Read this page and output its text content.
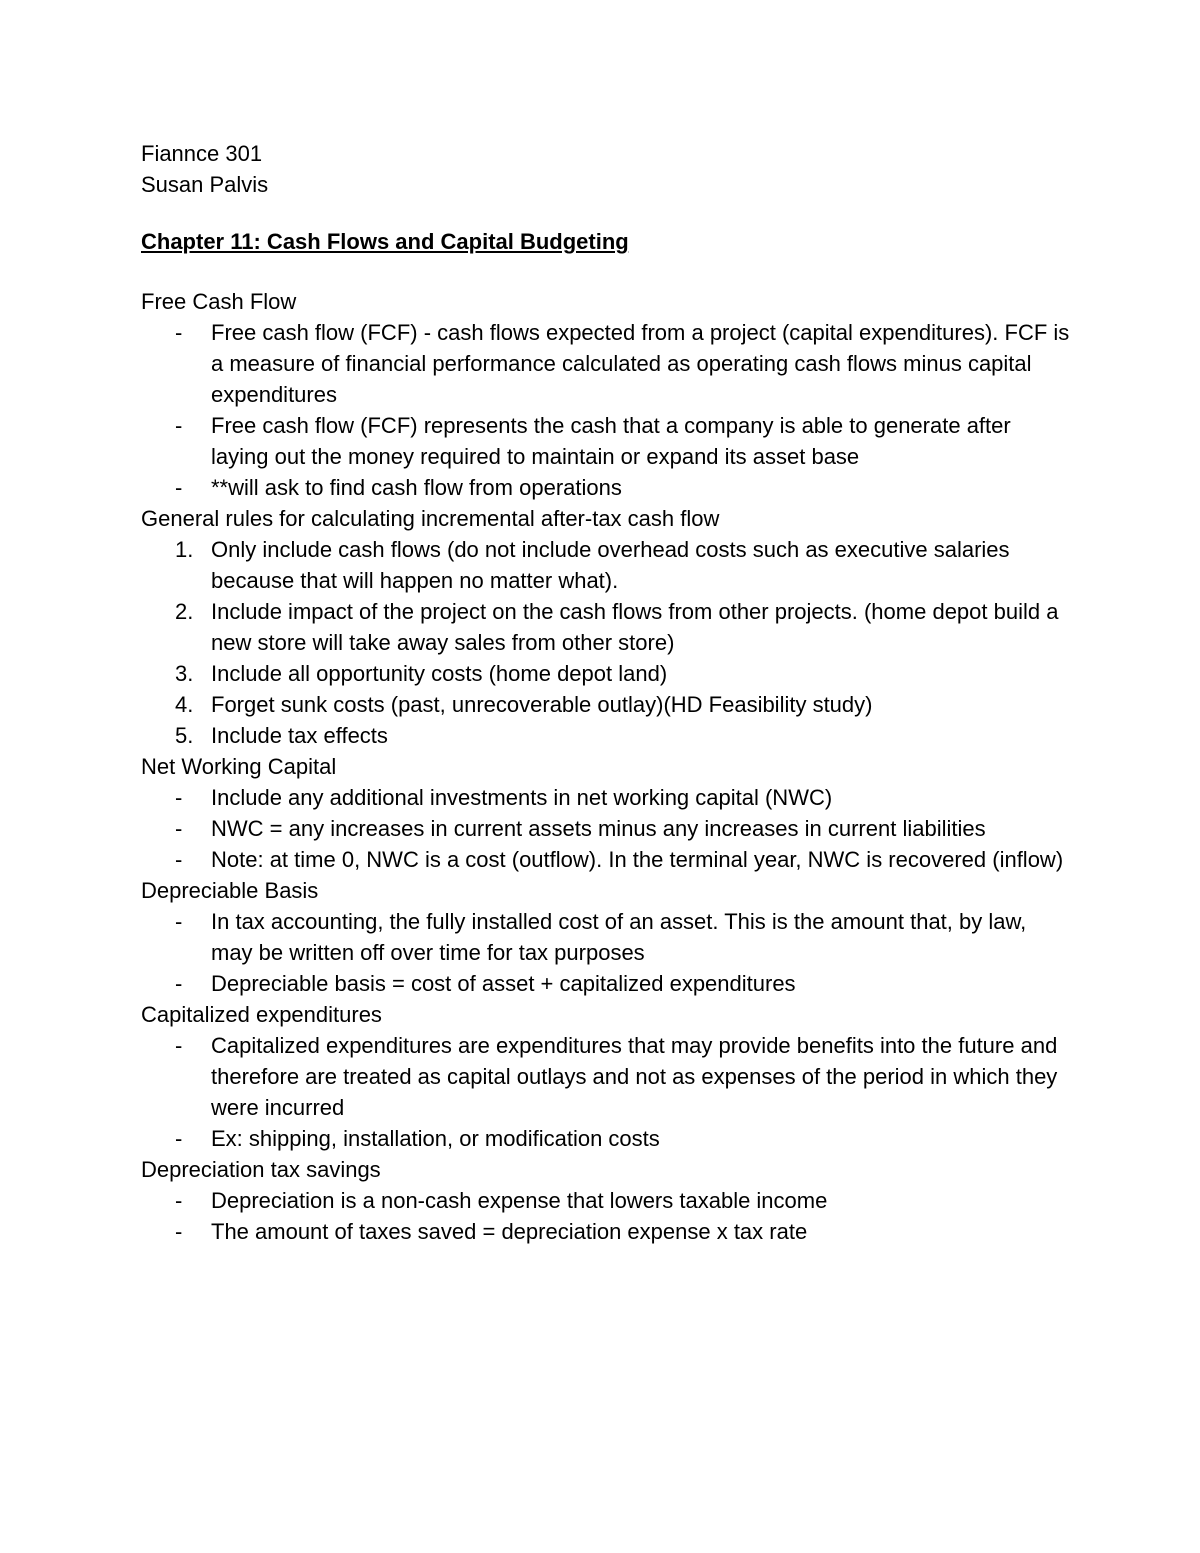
Fiannce 301

Susan Palvis

Chapter 11: Cash Flows and Capital Budgeting

Free Cash Flow

- Free cash flow (FCF) - cash flows expected from a project (capital expenditures). FCF is a measure of financial performance calculated as operating cash flows minus capital expenditures
- Free cash flow (FCF) represents the cash that a company is able to generate after laying out the money required to maintain or expand its asset base
- **will ask to find cash flow from operations

General rules for calculating incremental after-tax cash flow

1. Only include cash flows (do not include overhead costs such as executive salaries because that will happen no matter what).
2. Include impact of the project on the cash flows from other projects. (home depot build a new store will take away sales from other store)
3. Include all opportunity costs (home depot land)
4. Forget sunk costs (past, unrecoverable outlay)(HD Feasibility study)
5. Include tax effects

Net Working Capital

- Include any additional investments in net working capital (NWC)
- NWC = any increases in current assets minus any increases in current liabilities
- Note: at time 0, NWC is a cost (outflow). In the terminal year, NWC is recovered (inflow)

Depreciable Basis

- In tax accounting, the fully installed cost of an asset. This is the amount that, by law, may be written off over time for tax purposes
- Depreciable basis = cost of asset + capitalized expenditures

Capitalized expenditures

- Capitalized expenditures are expenditures that may provide benefits into the future and therefore are treated as capital outlays and not as expenses of the period in which they were incurred
- Ex: shipping, installation, or modification costs

Depreciation tax savings

- Depreciation is a non-cash expense that lowers taxable income
- The amount of taxes saved = depreciation expense x tax rate
